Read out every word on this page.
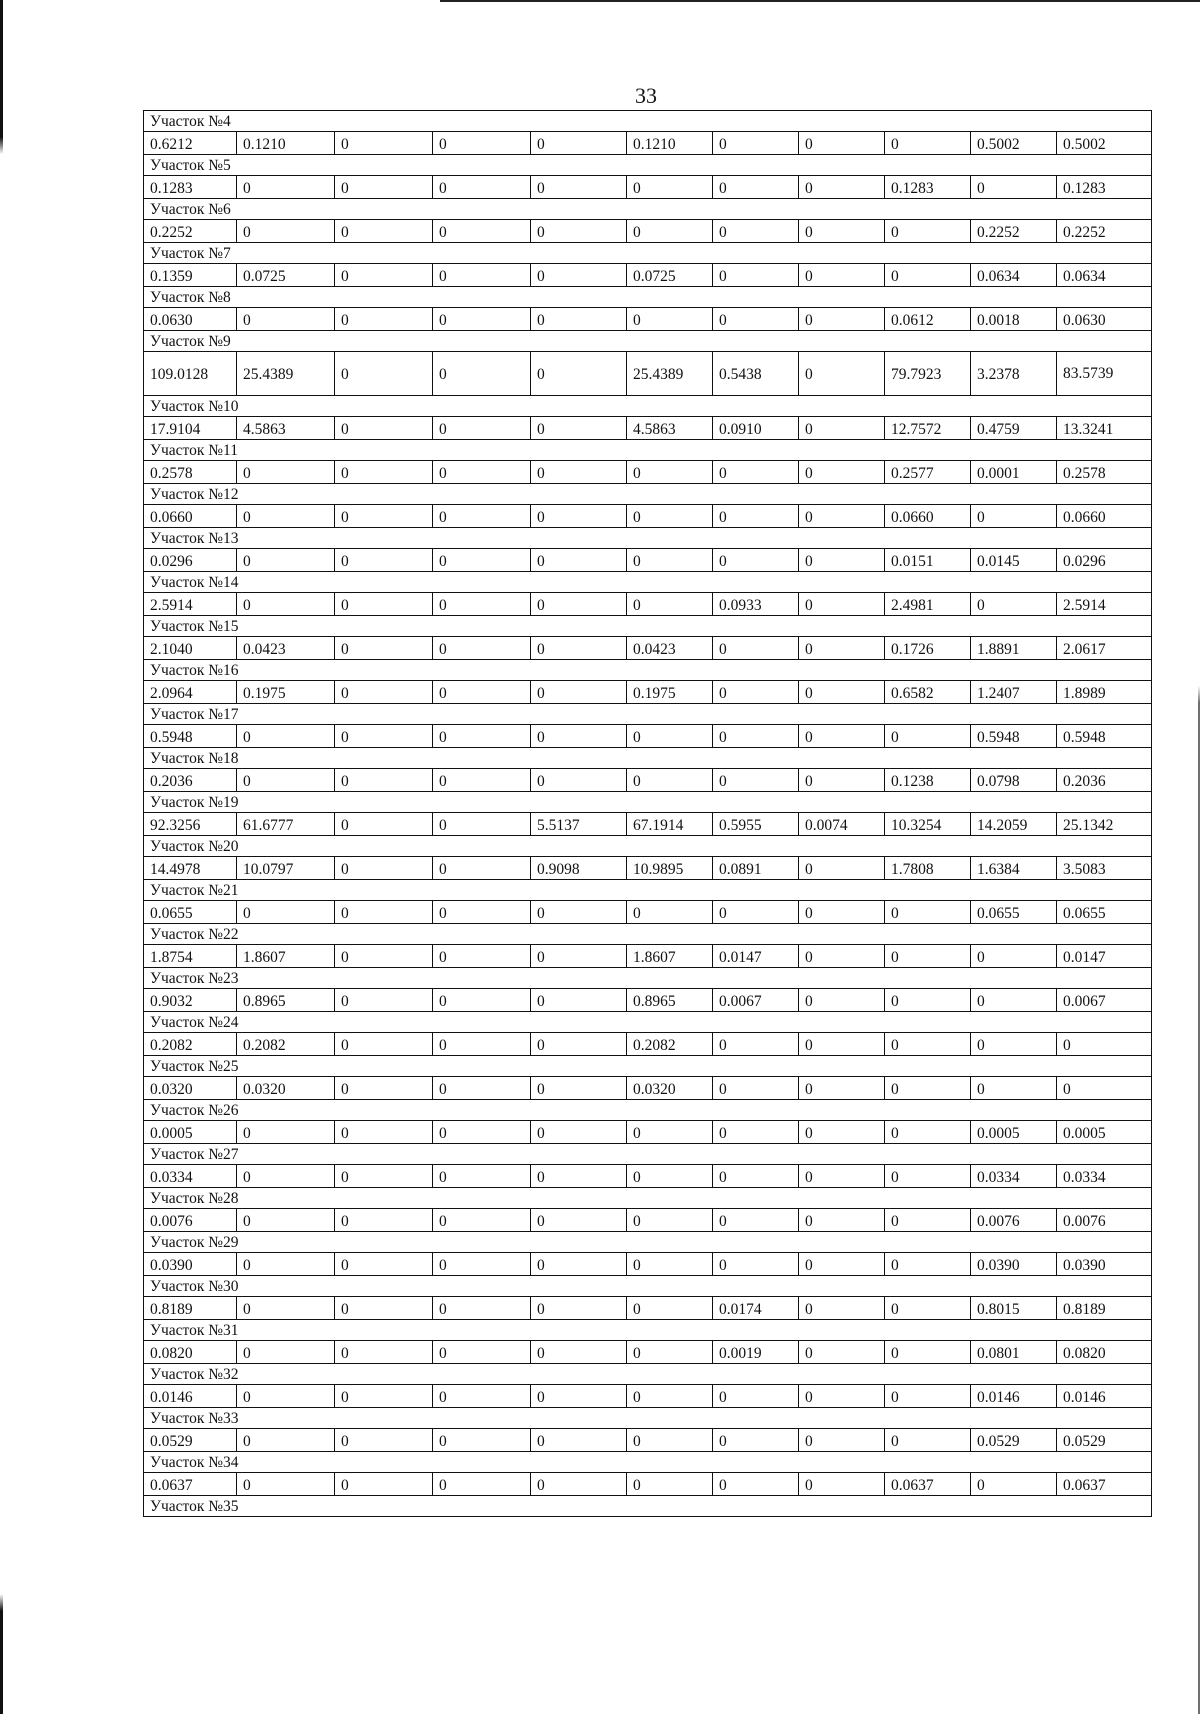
33
Участок №4										
0.6212	0.1210	0	0	0	0.1210	0	0	0	0.5002	0.5002
Участок №5										
0.1283	0	0	0	0	0	0	0	0.1283	0	0.1283
Участок №6										
0.2252	0	0	0	0	0	0	0	0	0.2252	0.2252
Участок №7										
0.1359	0.0725	0	0	0	0.0725	0	0	0	0.0634	0.0634
Участок №8										
0.0630	0	0	0	0	0	0	0	0.0612	0.0018	0.0630
Участок №9										
109.0128	25.4389	0	0	0	25.4389	0.5438	0	79.7923	3.2378	83.5739
Участок №10										
17.9104	4.5863	0	0	0	4.5863	0.0910	0	12.7572	0.4759	13.3241
Участок №11										
0.2578	0	0	0	0	0	0	0	0.2577	0.0001	0.2578
Участок №12										
0.0660	0	0	0	0	0	0	0	0.0660	0	0.0660
Участок №13										
0.0296	0	0	0	0	0	0	0	0.0151	0.0145	0.0296
Участок №14										
2.5914	0	0	0	0	0	0.0933	0	2.4981	0	2.5914
Участок №15										
2.1040	0.0423	0	0	0	0.0423	0	0	0.1726	1.8891	2.0617
Участок №16										
2.0964	0.1975	0	0	0	0.1975	0	0	0.6582	1.2407	1.8989
Участок №17										
0.5948	0	0	0	0	0	0	0	0	0.5948	0.5948
Участок №18										
0.2036	0	0	0	0	0	0	0	0.1238	0.0798	0.2036
Участок №19										
92.3256	61.6777	0	0	5.5137	67.1914	0.5955	0.0074	10.3254	14.2059	25.1342
Участок №20										
14.4978	10.0797	0	0	0.9098	10.9895	0.0891	0	1.7808	1.6384	3.5083
Участок №21										
0.0655	0	0	0	0	0	0	0	0	0.0655	0.0655
Участок №22										
1.8754	1.8607	0	0	0	1.8607	0.0147	0	0	0	0.0147
Участок №23										
0.9032	0.8965	0	0	0	0.8965	0.0067	0	0	0	0.0067
Участок №24										
0.2082	0.2082	0	0	0	0.2082	0	0	0	0	0
Участок №25										
0.0320	0.0320	0	0	0	0.0320	0	0	0	0	0
Участок №26										
0.0005	0	0	0	0	0	0	0	0	0.0005	0.0005
Участок №27										
0.0334	0	0	0	0	0	0	0	0	0.0334	0.0334
Участок №28										
0.0076	0	0	0	0	0	0	0	0	0.0076	0.0076
Участок №29										
0.0390	0	0	0	0	0	0	0	0	0.0390	0.0390
Участок №30										
0.8189	0	0	0	0	0	0.0174	0	0	0.8015	0.8189
Участок №31										
0.0820	0	0	0	0	0	0.0019	0	0	0.0801	0.0820
Участок №32										
0.0146	0	0	0	0	0	0	0	0	0.0146	0.0146
Участок №33										
0.0529	0	0	0	0	0	0	0	0	0.0529	0.0529
Участок №34										
0.0637	0	0	0	0	0	0	0	0.0637	0	0.0637
Участок №35										
